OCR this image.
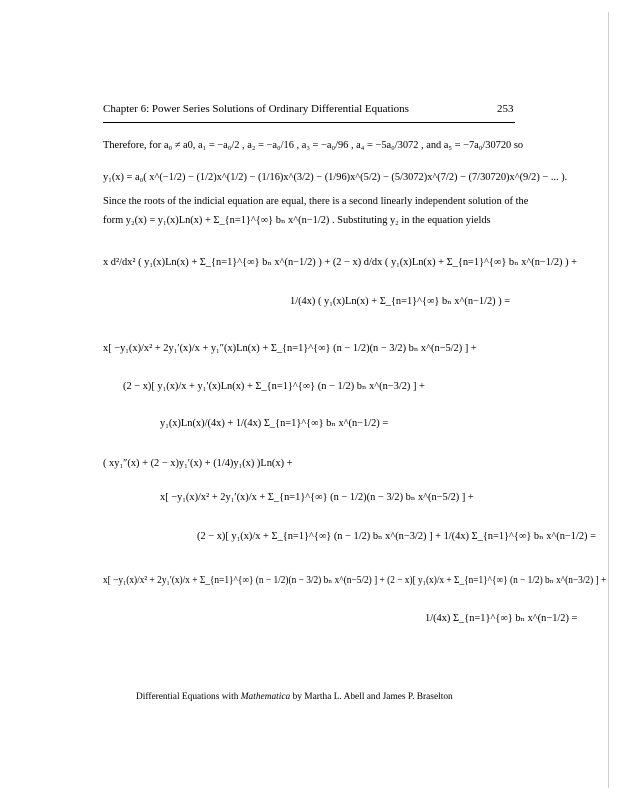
Chapter 6: Power Series Solutions of Ordinary Differential Equations	253
Therefore, for a₀ ≠ a0, a₁ = −a₀/2 , a₂ = −a₀/16 , a₃ = −a₀/96 , a₄ = −5a₀/3072 , and a₅ = −7a₀/30720 so
y₁(x) = a₀( x^(−1/2) − (1/2)x^(1/2) − (1/16)x^(3/2) − (1/96)x^(5/2) − (5/3072)x^(7/2) − (7/30720)x^(9/2) − ... ).
Since the roots of the indicial equation are equal, there is a second linearly independent solution of the
form y₂(x) = y₁(x)Ln(x) + Σ_{n=1}^{∞} bₙ x^(n−1/2) . Substituting y₂ in the equation yields
x d²/dx² ( y₁(x)Ln(x) + Σ_{n=1}^{∞} bₙ x^(n−1/2) ) + (2 − x) d/dx ( y₁(x)Ln(x) + Σ_{n=1}^{∞} bₙ x^(n−1/2) ) +
1/(4x) ( y₁(x)Ln(x) + Σ_{n=1}^{∞} bₙ x^(n−1/2) ) =
x[ −y₁(x)/x² + 2y₁′(x)/x + y₁″(x)Ln(x) + Σ_{n=1}^{∞} (n − 1/2)(n − 3/2) bₙ x^(n−5/2) ] +
(2 − x)[ y₁(x)/x + y₁′(x)Ln(x) + Σ_{n=1}^{∞} (n − 1/2) bₙ x^(n−3/2) ] +
y₁(x)Ln(x)/(4x) + 1/(4x) Σ_{n=1}^{∞} bₙ x^(n−1/2) =
( xy₁″(x) + (2 − x)y₁′(x) + (1/4)y₁(x) )Ln(x) +
x[ −y₁(x)/x² + 2y₁′(x)/x + Σ_{n=1}^{∞} (n − 1/2)(n − 3/2) bₙ x^(n−5/2) ] +
(2 − x)[ y₁(x)/x + Σ_{n=1}^{∞} (n − 1/2) bₙ x^(n−3/2) ] + 1/(4x) Σ_{n=1}^{∞} bₙ x^(n−1/2) =
x[ −y₁(x)/x² + 2y₁′(x)/x + Σ_{n=1}^{∞} (n − 1/2)(n − 3/2) bₙ x^(n−5/2) ] + (2 − x)[ y₁(x)/x + Σ_{n=1}^{∞} (n − 1/2) bₙ x^(n−3/2) ] +
1/(4x) Σ_{n=1}^{∞} bₙ x^(n−1/2) =
Differential Equations with Mathematica by Martha L. Abell and James P. Braselton
